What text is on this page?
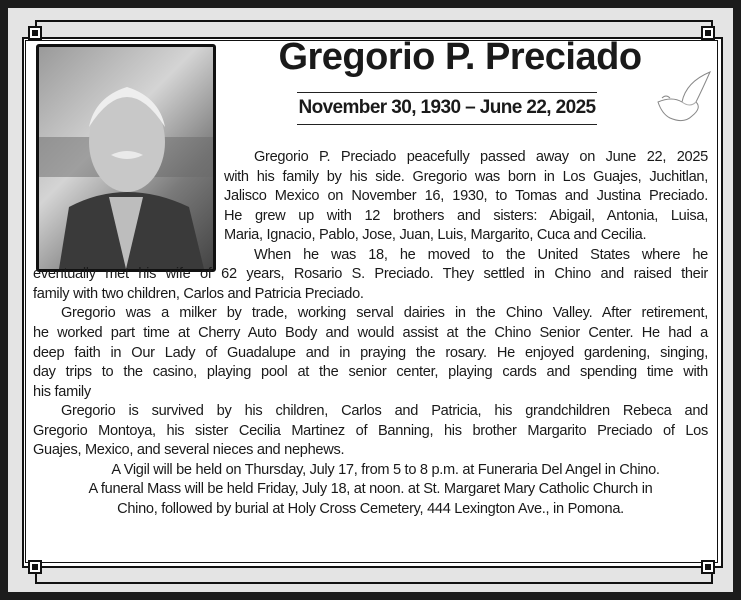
Gregorio P. Preciado
November 30, 1930 – June 22, 2025
Gregorio P. Preciado peacefully passed away on June 22, 2025
with his family by his side. Gregorio was born in Los Guajes, Juchitlan,
Jalisco Mexico on November 16, 1930, to Tomas and Justina Preciado.
He grew up with 12 brothers and sisters: Abigail, Antonia, Luisa,
Maria, Ignacio, Pablo, Jose, Juan, Luis, Margarito, Cuca and Cecilia.
When he was 18, he moved to the United States where he
eventually met his wife of 62 years, Rosario S. Preciado. They settled in Chino and raised their
family with two children, Carlos and Patricia Preciado.
Gregorio was a milker by trade, working serval dairies in the Chino Valley. After retirement,
he worked part time at Cherry Auto Body and would assist at the Chino Senior Center. He had a
deep faith in Our Lady of Guadalupe and in praying the rosary. He enjoyed gardening, singing,
day trips to the casino, playing pool at the senior center, playing cards and spending time with
his family
Gregorio is survived by his children, Carlos and Patricia, his grandchildren Rebeca and
Gregorio Montoya, his sister Cecilia Martinez of Banning, his brother Margarito Preciado of Los
Guajes, Mexico, and several nieces and nephews.
A Vigil will be held on Thursday, July 17, from 5 to 8 p.m. at Funeraria Del Angel in Chino.
A funeral Mass will be held Friday, July 18, at noon. at St. Margaret Mary Catholic Church in
Chino, followed by burial at Holy Cross Cemetery, 444 Lexington Ave., in Pomona.
